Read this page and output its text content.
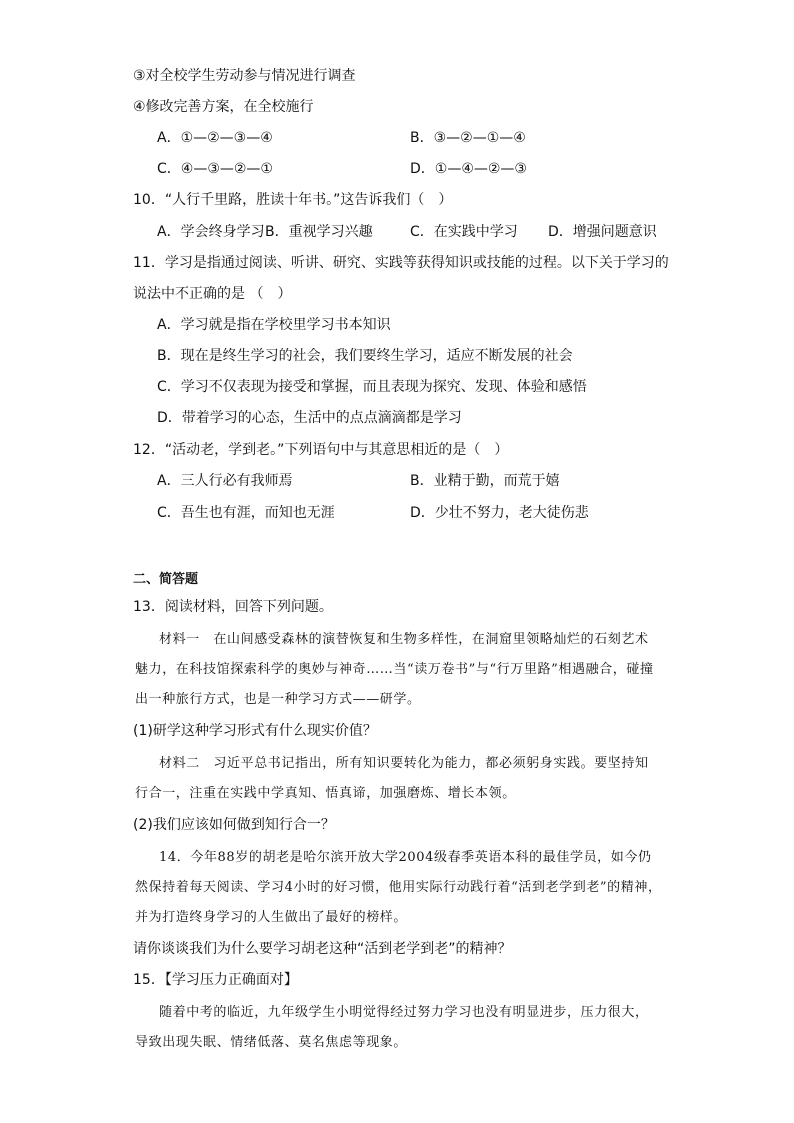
③对全校学生劳动参与情况进行调查
④修改完善方案，在全校施行
A．①—②—③—④	B．③—②—①—④
C．④—③—②—①	D．①—④—②—③
10．“人行千里路，胜读十年书。”这告诉我们（　）
A．学会终身学习 B．重视学习兴趣	C．在实践中学习 D．增强问题意识
11．学习是指通过阅读、听讲、研究、实践等获得知识或技能的过程。以下关于学习的
说法中不正确的是 （　）
A．学习就是指在学校里学习书本知识
B．现在是终生学习的社会，我们要终生学习，适应不断发展的社会
C．学习不仅表现为接受和掌握，而且表现为探究、发现、体验和感悟
D．带着学习的心态，生活中的点点滴滴都是学习
12．“活动老，学到老。”下列语句中与其意思相近的是（　）
A．三人行必有我师焉	B．业精于勤，而荒于嬉
C．吾生也有涯，而知也无涯	D．少壮不努力，老大徒伤悲
二、简答题
13．阅读材料，回答下列问题。
材料一　在山间感受森林的演替恢复和生物多样性，在洞窟里领略灿烂的石刻艺术
魅力，在科技馆探索科学的奥妙与神奇……当“读万卷书”与“行万里路”相遇融合，碰撞
出一种旅行方式，也是一种学习方式——研学。
(1)研学这种学习形式有什么现实价值？
材料二　习近平总书记指出，所有知识要转化为能力，都必须躬身实践。要坚持知
行合一，注重在实践中学真知、悟真谛，加强磨炼、增长本领。
(2)我们应该如何做到知行合一？
14．今年88岁的胡老是哈尔滨开放大学2004级春季英语本科的最佳学员，如今仍
然保持着每天阅读、学习4小时的好习惯，他用实际行动践行着“活到老学到老”的精神，
并为打造终身学习的人生做出了最好的榜样。
请你谈谈我们为什么要学习胡老这种“活到老学到老”的精神？
15．【学习压力正确面对】
随着中考的临近，九年级学生小明觉得经过努力学习也没有明显进步，压力很大，
导致出现失眠、情绪低落、莫名焦虑等现象。
